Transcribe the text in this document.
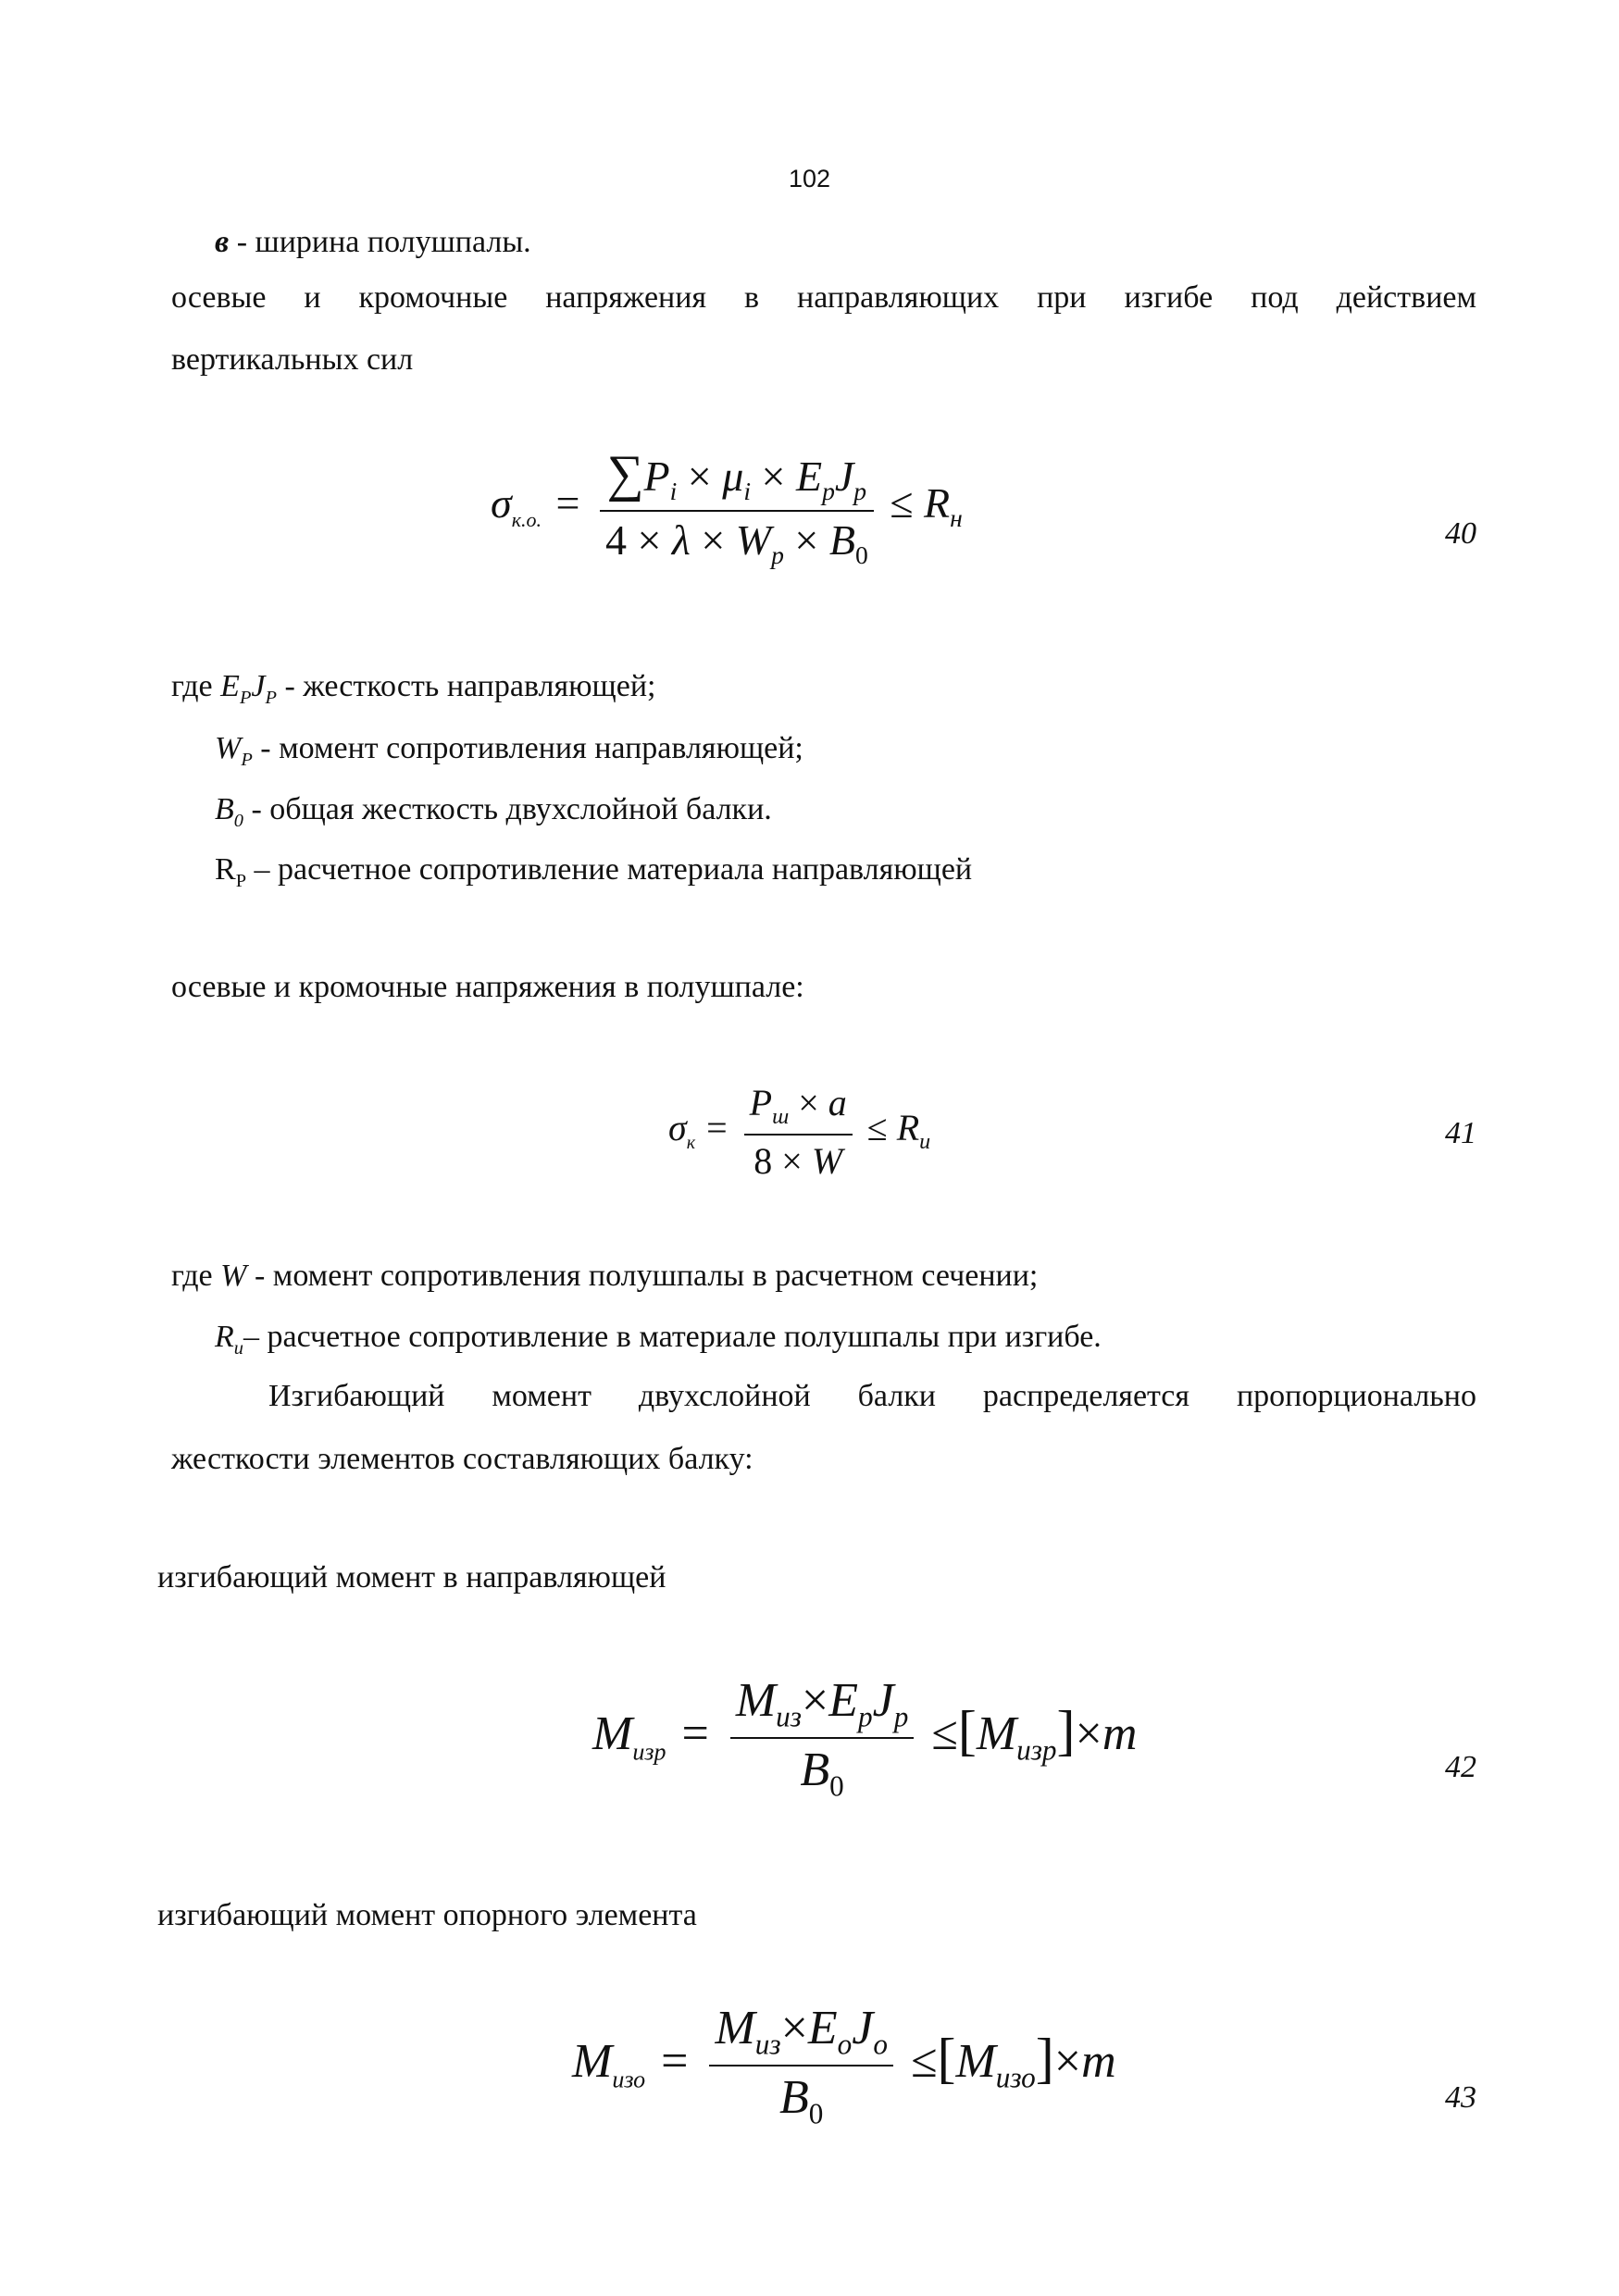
102
в - ширина полушпалы.
осевые и кромочные напряжения в направляющих при изгибе под действием
вертикальных сил
$\sigma_{к.о.} = \frac{\sum P_i \times \mu_i \times E_pJ_p}{4 \times \lambda \times W_p \times B_0} \le R_н$	40
где $E_PJ_P$ - жесткость направляющей;
$W_P$ - момент сопротивления направляющей;
$B_0$ - общая жесткость двухслойной балки.
$R_P$ – расчетное сопротивление материала направляющей
осевые и кромочные напряжения в полушпале:
$\sigma_к = \frac{P_ш \times a}{8 \times W} \le R_и$	41
где W - момент сопротивления полушпалы в расчетном сечении;
$R_и-$ расчетное сопротивление в материале полушпалы при изгибе.
Изгибающий момент двухслойной балки распределяется пропорционально
жесткости элементов составляющих балку:
изгибающий момент в направляющей
$M_{изр} = \frac{M_{из}\times E_pJ_p}{B_0} \le[M_{изр}]\times m$
42
изгибающий момент опорного элемента
$M_{изо} = \frac{M_{из}\times E_oJ_o}{B_0} \le[M_{изо}]\times m$
43
